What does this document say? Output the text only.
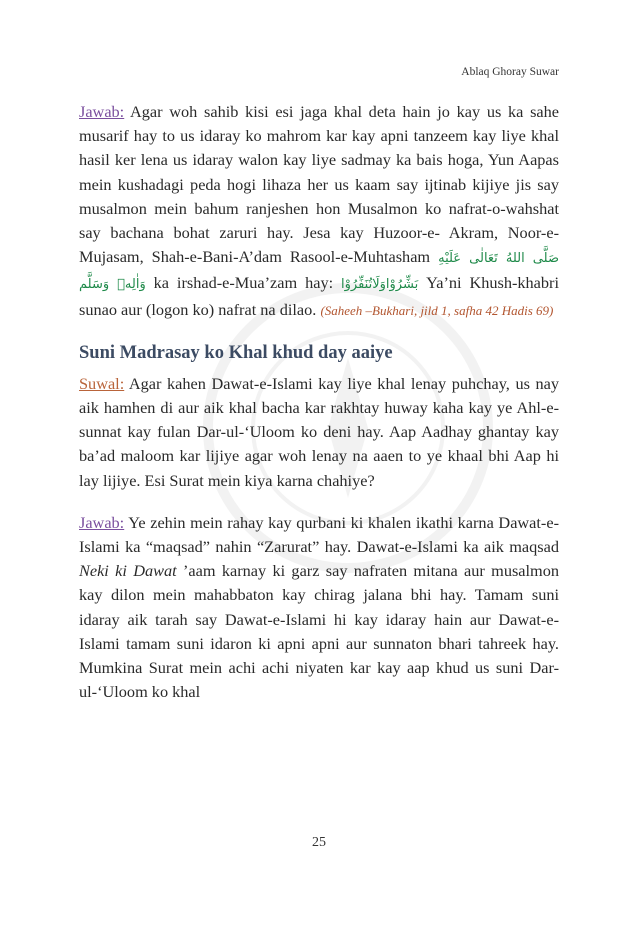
Ablaq Ghoray Suwar

Jawab: Agar woh sahib kisi esi jaga khal deta hain jo kay us ka sahe musarif hay to us idaray ko mahrom kar kay apni tanzeem kay liye khal hasil ker lena us idaray walon kay liye sadmay ka bais hoga, Yun Aapas mein kushadagi peda hogi lihaza her us kaam say ijtinab kijiye jis say musalmon mein bahum ranjeshen hon Musalmon ko nafrat-o-wahshat say bachana bohat zaruri hay. Jesa kay Huzoor-e- Akram, Noor-e-Mujasam, Shah-e-Bani-A’dam Rasool-e-Muhtasham صَلَّى اللهُ تَعَالٰى عَلَيْهِ وَاٰلِهٖ وَسَلَّم ka irshad-e-Mua’zam hay: بَشِّرُوْاوَلَاتُنَفِّرُوْا Ya’ni Khush-khabri sunao aur (logon ko) nafrat na dilao. (Saheeh –Bukhari, jild 1, safha 42 Hadis 69)

Suni Madrasay ko Khal khud day aaiye

Suwal: Agar kahen Dawat-e-Islami kay liye khal lenay puhchay, us nay aik hamhen di aur aik khal bacha kar rakhtay huway kaha kay ye Ahl-e-sunnat kay fulan Dar-ul-‘Uloom ko deni hay. Aap Aadhay ghantay kay ba’ad maloom kar lijiye agar woh lenay na aaen to ye khaal bhi Aap hi lay lijiye. Esi Surat mein kiya karna chahiye?

Jawab: Ye zehin mein rahay kay qurbani ki khalen ikathi karna Dawat-e-Islami ka “maqsad” nahin “Zarurat” hay. Dawat-e-Islami ka aik maqsad Neki ki Dawat ’aam karnay ki garz say nafraten mitana aur musalmon kay dilon mein mahabbaton kay chirag jalana bhi hay. Tamam suni idaray aik tarah say Dawat-e-Islami hi kay idaray hain aur Dawat-e-Islami tamam suni idaron ki apni apni aur sunnaton bhari tahreek hay. Mumkina Surat mein achi achi niyaten kar kay aap khud us suni Dar-ul-‘Uloom ko khal

25
